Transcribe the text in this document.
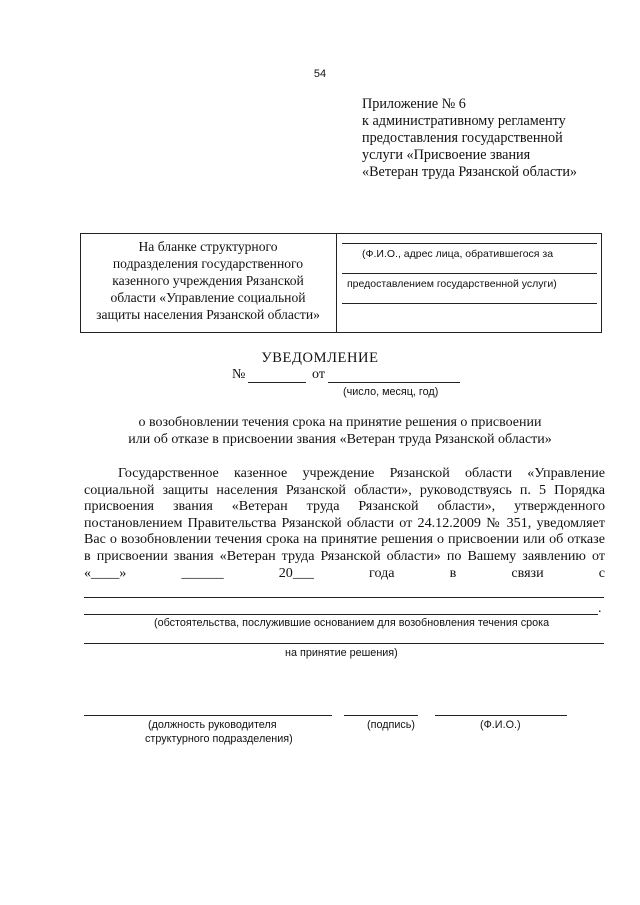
54
Приложение № 6
к административному регламенту
предоставления государственной
услуги «Присвоение звания
«Ветеран труда Рязанской области»
На бланке структурного
подразделения государственного
казенного учреждения Рязанской
области «Управление социальной
защиты населения Рязанской области»
(Ф.И.О., адрес лица, обратившегося за
предоставлением государственной услуги)
УВЕДОМЛЕНИЕ
№	от
(число, месяц, год)
о возобновлении течения срока на принятие решения о присвоении
или об отказе в присвоении звания «Ветеран труда Рязанской области»

Государственное казенное учреждение Рязанской области «Управление социальной защиты населения Рязанской области», руководствуясь п. 5 Порядка присвоения звания «Ветеран труда Рязанской области», утвержденного постановлением Правительства Рязанской области от 24.12.2009 № 351, уведомляет Вас о возобновлении течения срока на принятие решения о присвоении или об отказе в присвоении звания «Ветеран труда Рязанской области» по Вашему заявлению от «____» ______ 20___ года в связи с

.
(обстоятельства, послужившие основанием для возобновления течения срока
на принятие решения)
(должность руководителя
структурного подразделения)
(подпись)	(Ф.И.О.)
